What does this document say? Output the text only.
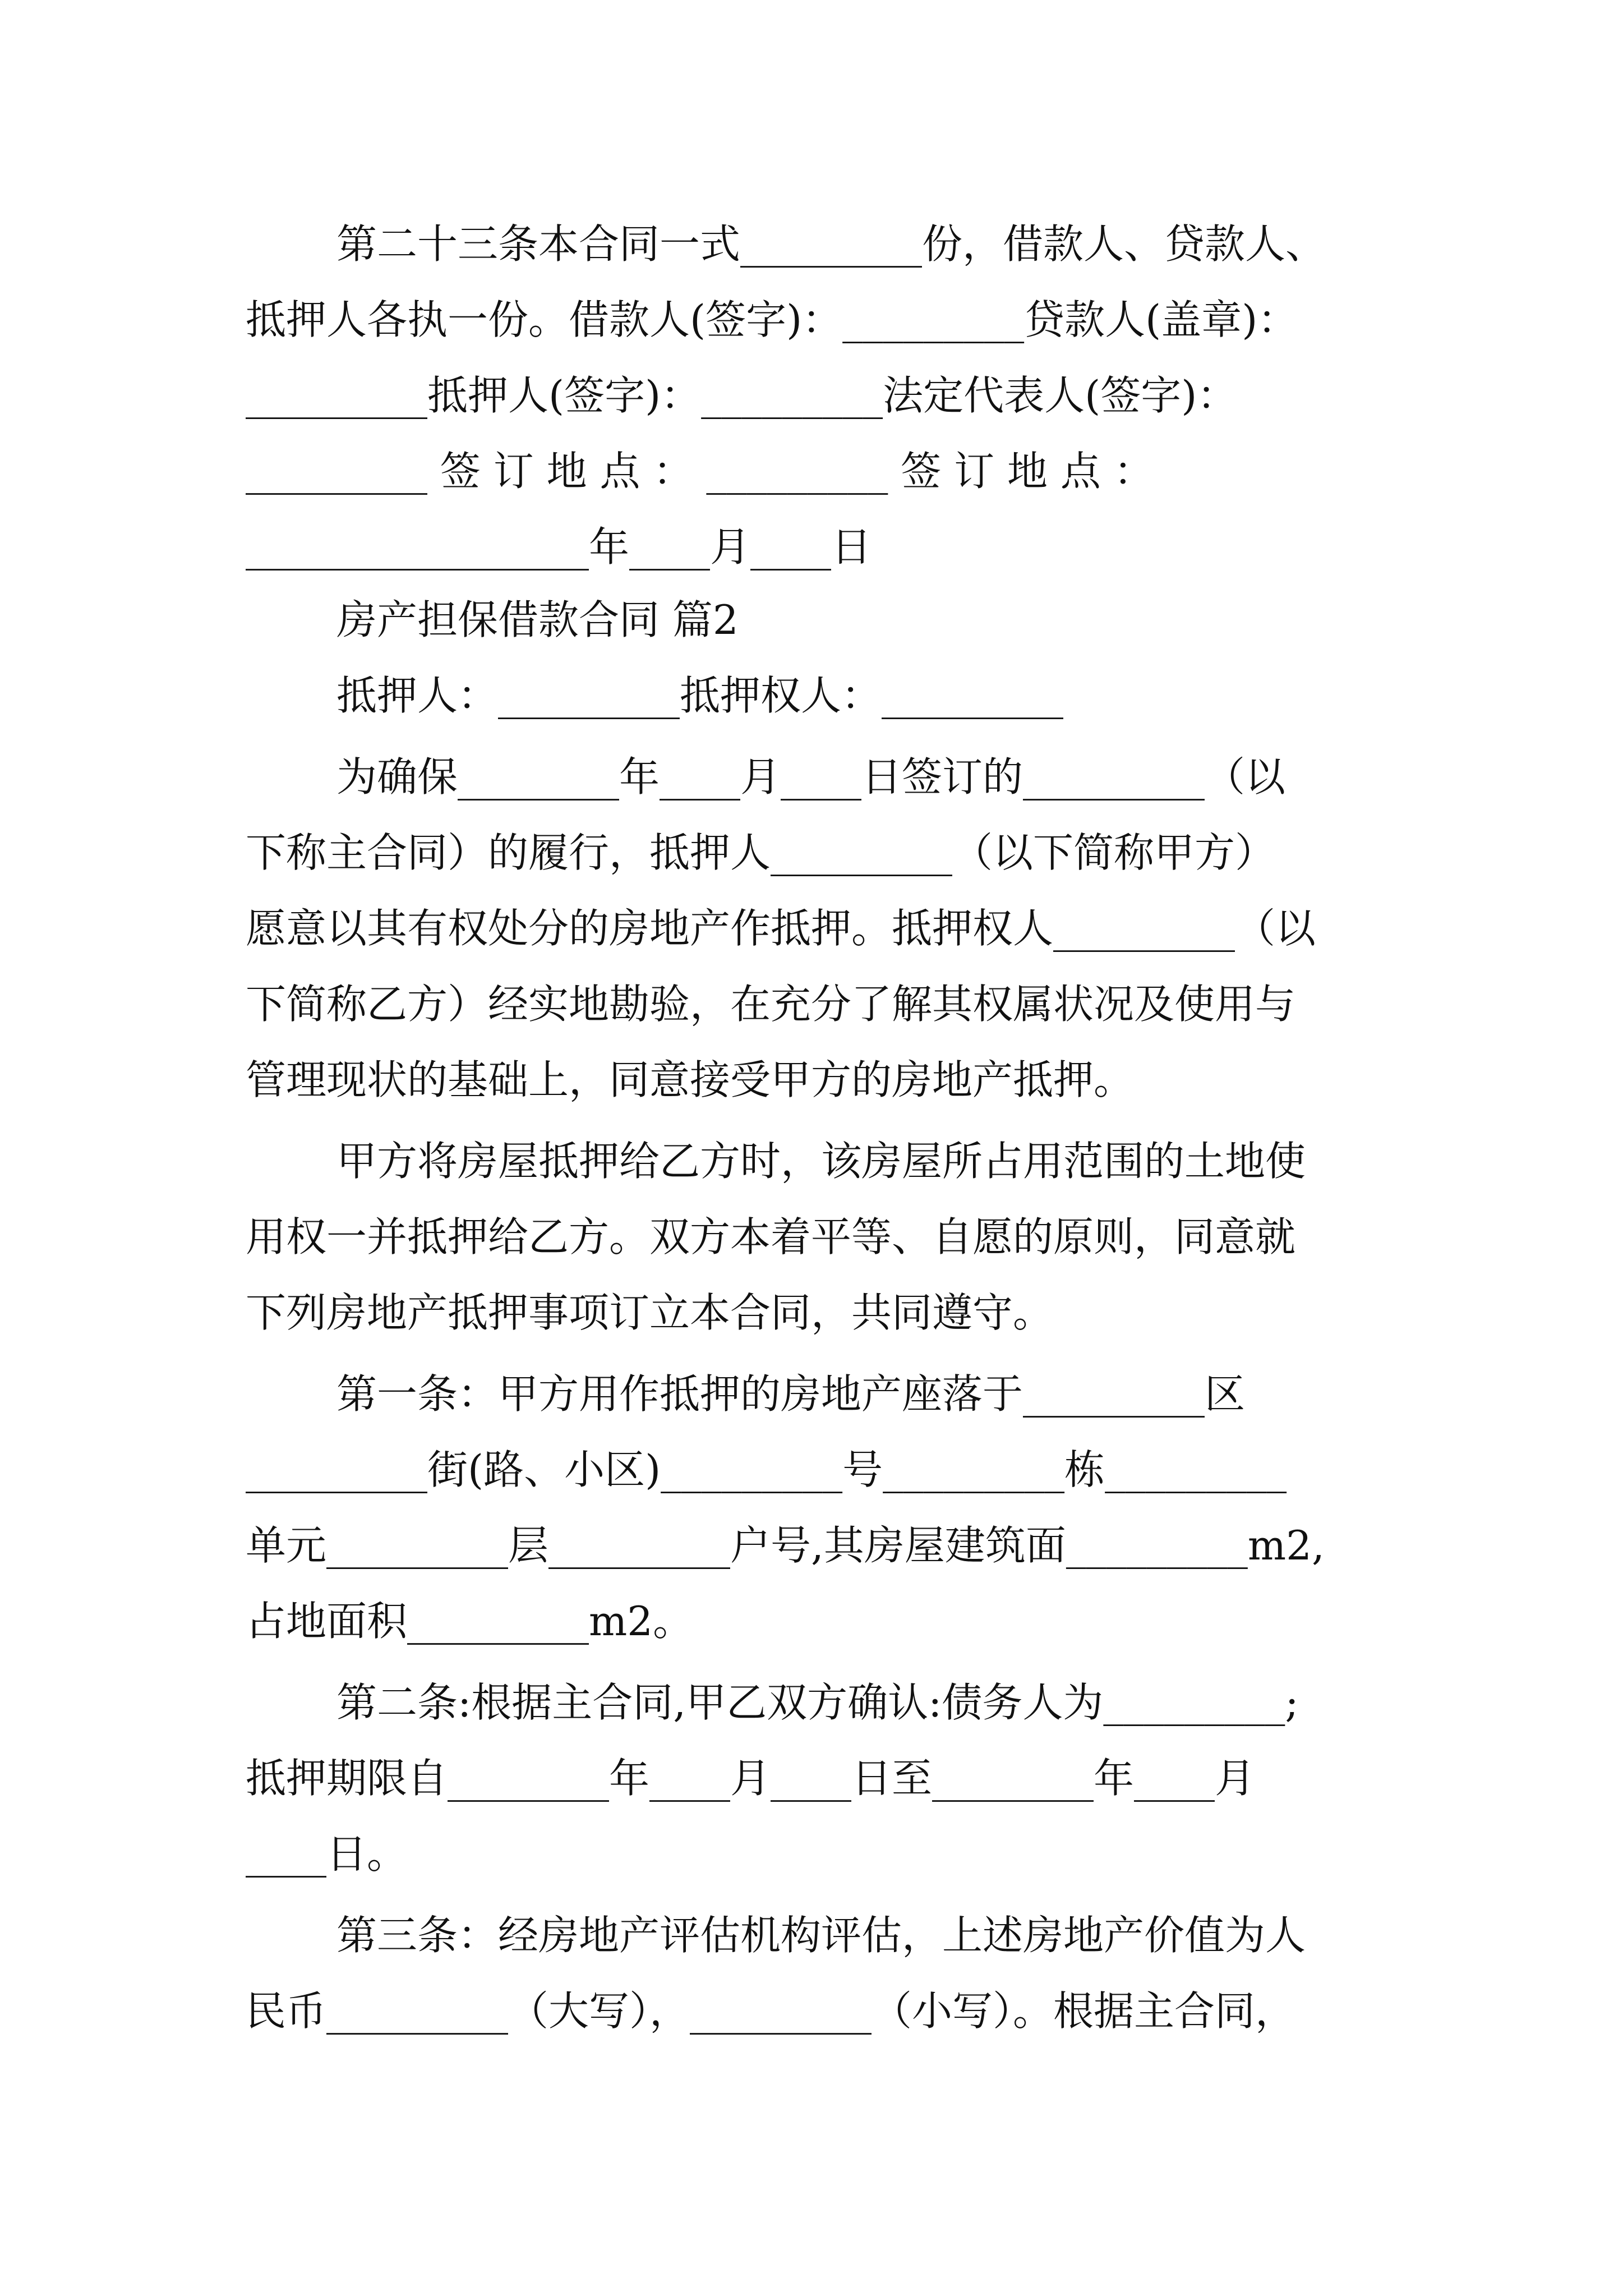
第二十三条本合同一式_________份，借款人、贷款人、
抵押人各执一份。借款人(签字)：_________贷款人(盖章)：
_________抵押人(签字)：_________法定代表人(签字)：
_________ 签 订 地 点 ： _________ 签 订 地 点 ：
_________________年____月____日
房产担保借款合同 篇2
抵押人：_________抵押权人：_________
为确保________年____月____日签订的_________（以
下称主合同）的履行，抵押人_________（以下简称甲方）
愿意以其有权处分的房地产作抵押。抵押权人_________（以
下简称乙方）经实地勘验，在充分了解其权属状况及使用与
管理现状的基础上，同意接受甲方的房地产抵押。
甲方将房屋抵押给乙方时，该房屋所占用范围的土地使
用权一并抵押给乙方。双方本着平等、自愿的原则，同意就
下列房地产抵押事项订立本合同，共同遵守。
第一条：甲方用作抵押的房地产座落于_________区
_________街(路、小区)_________号_________栋_________
单元_________层_________户号,其房屋建筑面_________m2,
占地面积_________m2。
第二条:根据主合同,甲乙双方确认:债务人为_________;
抵押期限自________年____月____日至________年____月
____日。
第三条：经房地产评估机构评估，上述房地产价值为人
民币_________（大写），_________（小写）。根据主合同，
